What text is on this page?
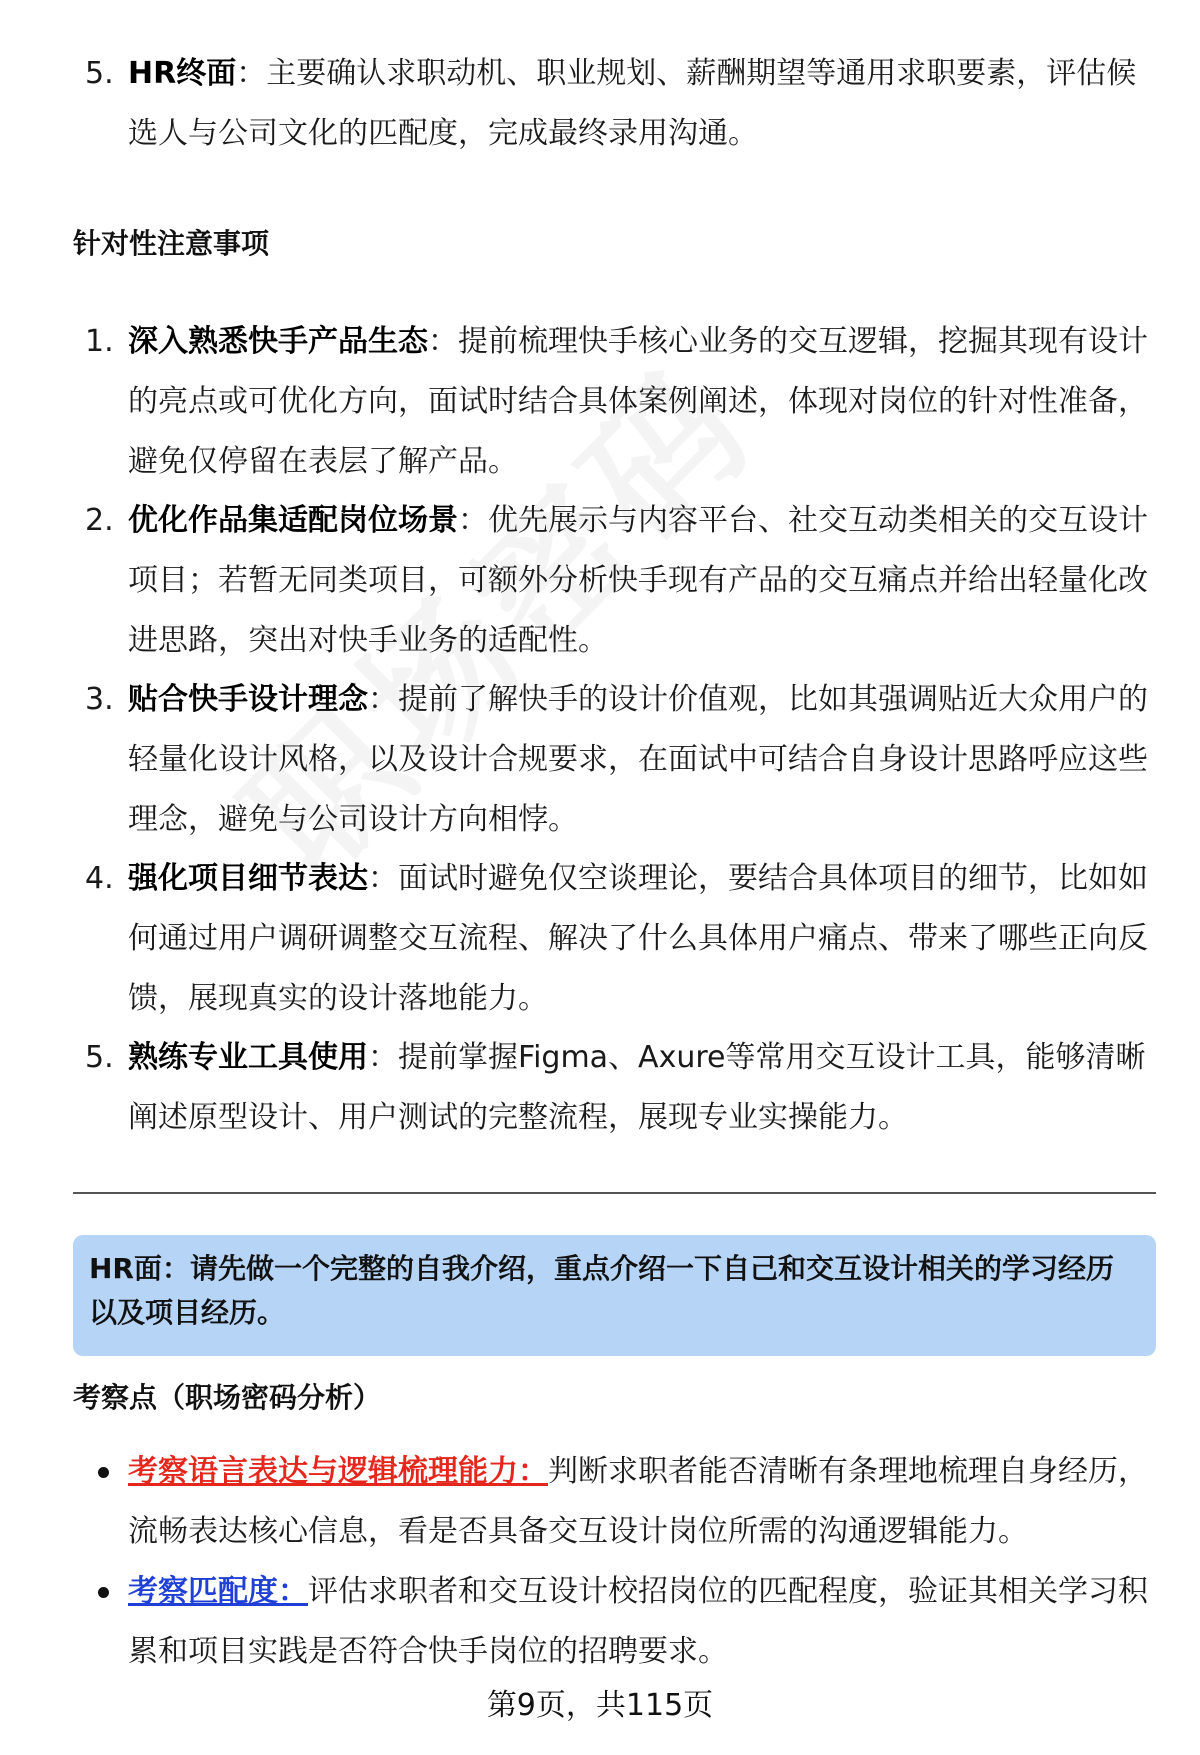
5. HR终面：主要确认求职动机、职业规划、薪酬期望等通用求职要素，评估候选人与公司文化的匹配度，完成最终录用沟通。
针对性注意事项
1. 深入熟悉快手产品生态：提前梳理快手核心业务的交互逻辑，挖掘其现有设计的亮点或可优化方向，面试时结合具体案例阐述，体现对岗位的针对性准备，避免仅停留在表层了解产品。
2. 优化作品集适配岗位场景：优先展示与内容平台、社交互动类相关的交互设计项目；若暂无同类项目，可额外分析快手现有产品的交互痛点并给出轻量化改进思路，突出对快手业务的适配性。
3. 贴合快手设计理念：提前了解快手的设计价值观，比如其强调贴近大众用户的轻量化设计风格，以及设计合规要求，在面试中可结合自身设计思路呼应这些理念，避免与公司设计方向相悖。
4. 强化项目细节表达：面试时避免仅空谈理论，要结合具体项目的细节，比如如何通过用户调研调整交互流程、解决了什么具体用户痛点、带来了哪些正向反馈，展现真实的设计落地能力。
5. 熟练专业工具使用：提前掌握Figma、Axure等常用交互设计工具，能够清晰阐述原型设计、用户测试的完整流程，展现专业实操能力。
HR面：请先做一个完整的自我介绍，重点介绍一下自己和交互设计相关的学习经历以及项目经历。
考察点（职场密码分析）
考察语言表达与逻辑梳理能力：判断求职者能否清晰有条理地梳理自身经历，流畅表达核心信息，看是否具备交互设计岗位所需的沟通逻辑能力。
考察匹配度：评估求职者和交互设计校招岗位的匹配程度，验证其相关学习积累和项目实践是否符合快手岗位的招聘要求。
第9页，共115页
